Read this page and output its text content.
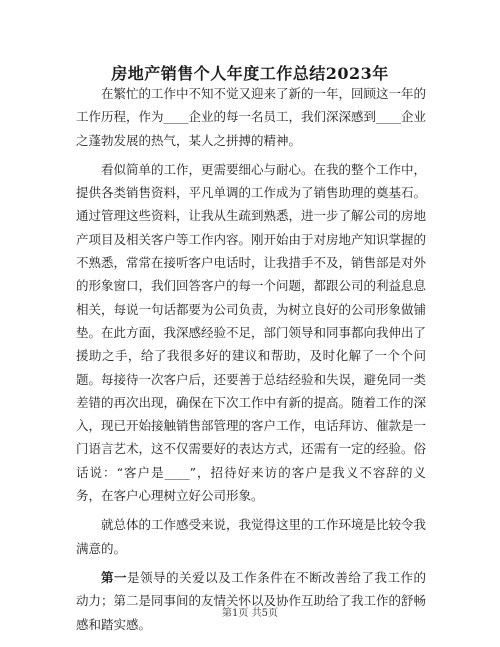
房地产销售个人年度工作总结2023年

在繁忙的工作中不知不觉又迎来了新的一年，回顾这一年的工作历程，作为____企业的每一名员工，我们深深感到____企业之蓬勃发展的热气，某人之拼搏的精神。

看似简单的工作，更需要细心与耐心。在我的整个工作中，提供各类销售资料，平凡单调的工作成为了销售助理的奠基石。通过管理这些资料，让我从生疏到熟悉，进一步了解公司的房地产项目及相关客户等工作内容。刚开始由于对房地产知识掌握的不熟悉，常常在接听客户电话时，让我措手不及，销售部是对外的形象窗口，我们回答客户的每一个问题，都跟公司的利益息息相关，每说一句话都要为公司负责，为树立良好的公司形象做铺垫。在此方面，我深感经验不足，部门领导和同事都向我伸出了援助之手，给了我很多好的建议和帮助，及时化解了一个个问题。每接待一次客户后，还要善于总结经验和失误，避免同一类差错的再次出现，确保在下次工作中有新的提高。随着工作的深入，现已开始接触销售部管理的客户工作，电话拜访、催款是一门语言艺术，这不仅需要好的表达方式，还需有一定的经验。俗话说：“客户是____”，招待好来访的客户是我义不容辞的义务，在客户心理树立好公司形象。

就总体的工作感受来说，我觉得这里的工作环境是比较令我满意的。

第一是领导的关爱以及工作条件在不断改善给了我工作的动力；第二是同事间的友情关怀以及协作互助给了我工作的舒畅感和踏实感。

第1页 共5页
